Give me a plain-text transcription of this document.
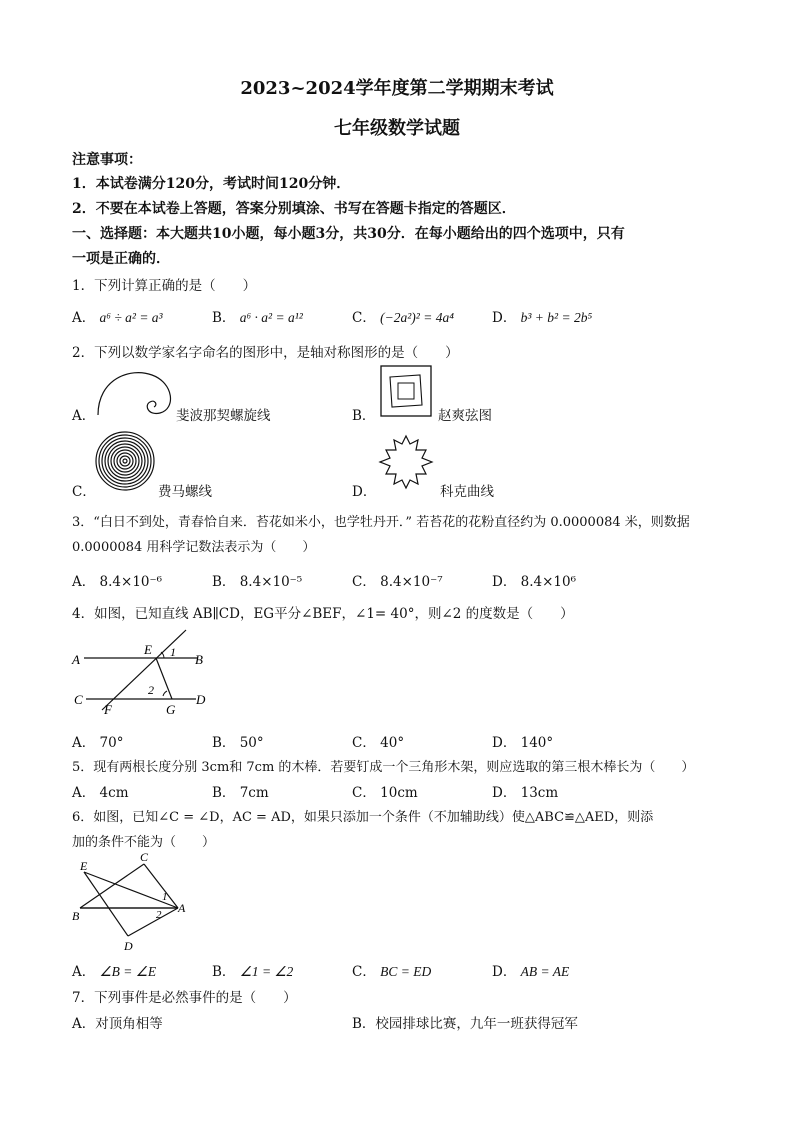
2023~2024学年度第二学期期末考试
七年级数学试题
注意事项：
1．本试卷满分120分，考试时间120分钟．
2．不要在本试卷上答题，答案分别填涂、书写在答题卡指定的答题区．
一、选择题：本大题共10小题，每小题3分，共30分．在每小题给出的四个选项中，只有
一项是正确的．
1．下列计算正确的是（　　）
A． a⁶ ÷ a² = a³	B． a⁶ · a² = a¹²	C． (−2a²)² = 4a⁴	D． b³ + b² = 2b⁵
2．下列以数学家名字命名的图形中，是轴对称图形的是（　　）
A．	斐波那契螺旋线	B．	赵爽弦图
C．	费马螺线	D．	科克曲线
3．“白日不到处，青春恰自来．苔花如米小，也学牡丹开．” 若苔花的花粉直径约为 0.0000084 米，则数据
0.0000084 用科学记数法表示为（　　）
A． 8.4×10⁻⁶	B． 8.4×10⁻⁵	C． 8.4×10⁻⁷	D． 8.4×10⁶
4．如图，已知直线 AB∥CD，EG平分∠BEF，∠1= 40°，则∠2 的度数是（　　）
A
E 1 B
C
2
D
F	G
A． 70°	B． 50°	C． 40°	D． 140°
5．现有两根长度分别 3cm和 7cm 的木棒．若要钉成一个三角形木架，则应选取的第三根木棒长为（　　）
A． 4cm	B． 7cm	C． 10cm	D． 13cm
6．如图，已知∠C = ∠D，AC = AD，如果只添加一个条件（不加辅助线）使△ABC≌△AED，则添
加的条件不能为（　　）
E
C
1
B	2 A
D
A． ∠B = ∠E	B． ∠1 = ∠2	C． BC = ED	D． AB = AE
7．下列事件是必然事件的是（　　）
A．对顶角相等	B．校园排球比赛，九年一班获得冠军
